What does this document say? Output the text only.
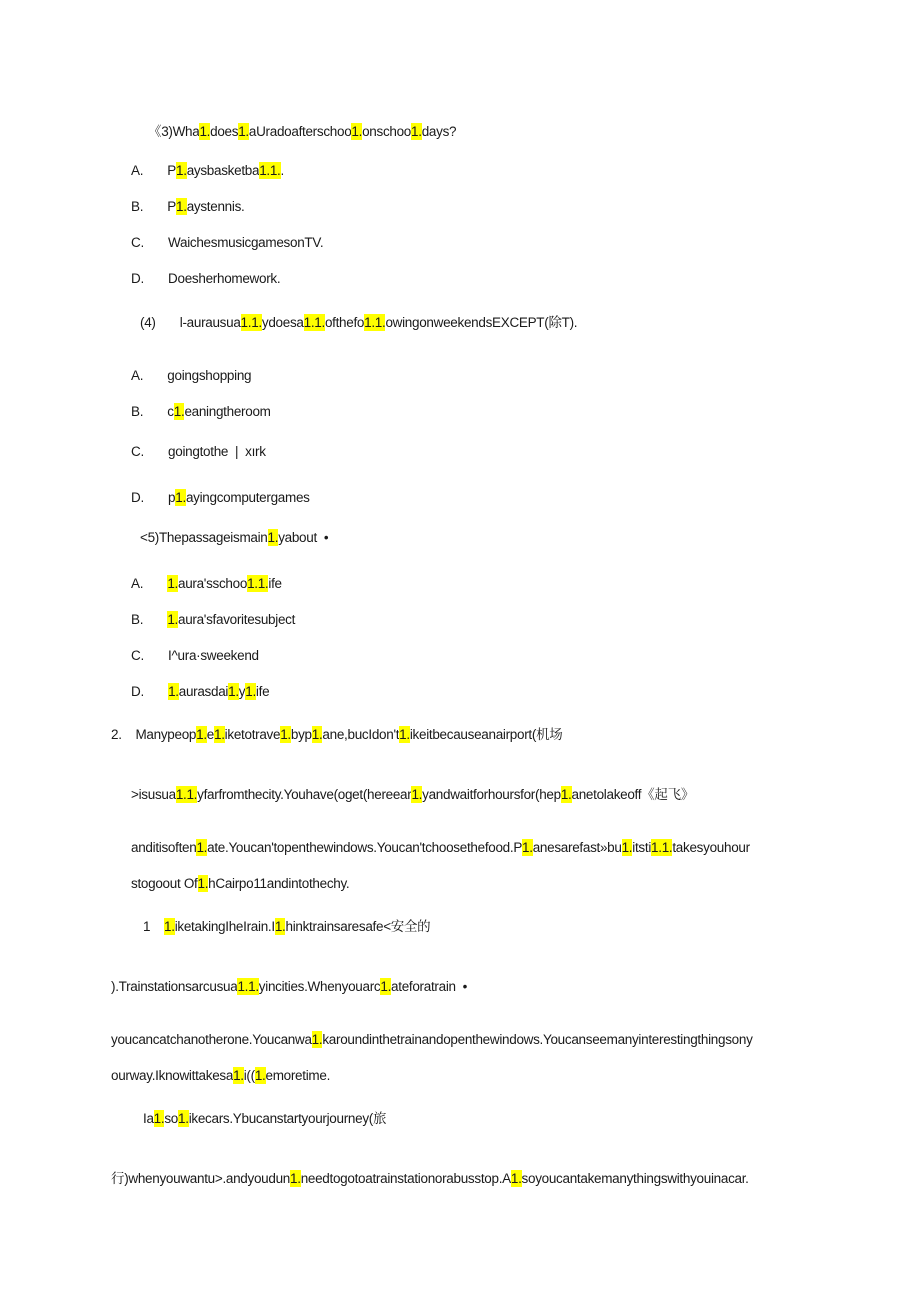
《3)Wha1.does1.aUradoafterschoo1.onschoo1.days?
A.       P1.aysbasketba1.1..
B.       P1.aystennis.
C.       WaichesmusicgamesonTV.
D.       Doesherhomework.
(4)       l-aurausua1.1.ydoesa1.1.ofthefo1.1.owingonweekendsEXCEPT(除T).
A.       goingshopping
B.       c1.eaningtheroom
C.       goingtothe  |  xırk
D.       p1.ayingcomputergames
<5)Thepassageismain1.yabout  •
A.       1.aura'sschoo1.1.ife
B.       1.aura'sfavoritesubject
C.       I^ura·sweekend
D.       1.aurasdai1.y1.ife
2.    Manypeop1.e1.iketotrave1.byp1.ane,bucIdon't1.ikeitbecauseanairport(机场
>isusua1.1.yfarfromthecity.Youhave(oget(hereear1.yandwaitforhoursfor(hep1.anetolakeoff《起飞》
anditisoften1.ate.Youcan'topenthewindows.Youcan'tchoosethefood.P1.anesarefast»bu1.itsti1.1.takesyouhour
stogoout Of1.hCairpo11andintothechy.
1    1.iketakingIheIrain.I1.hinktrainsaresafe<安全的
).Trainstationsarcusua1.1.yincities.Whenyouarc1.ateforatrain  •
youcancatchanotherone.Youcanwa1.karoundinthetrainandopenthewindows.Youcanseemanyinterestingthingsony
ourway.Iknowittakesa1.i((1.emoretime.
Ia1.so1.ikecars.Ybucanstartyourjourney(旅
行)whenyouwantu>.andyoudun1.needtogotoatrainstationorabusstop.A1.soyoucantakemanythingswithyouinacar.
